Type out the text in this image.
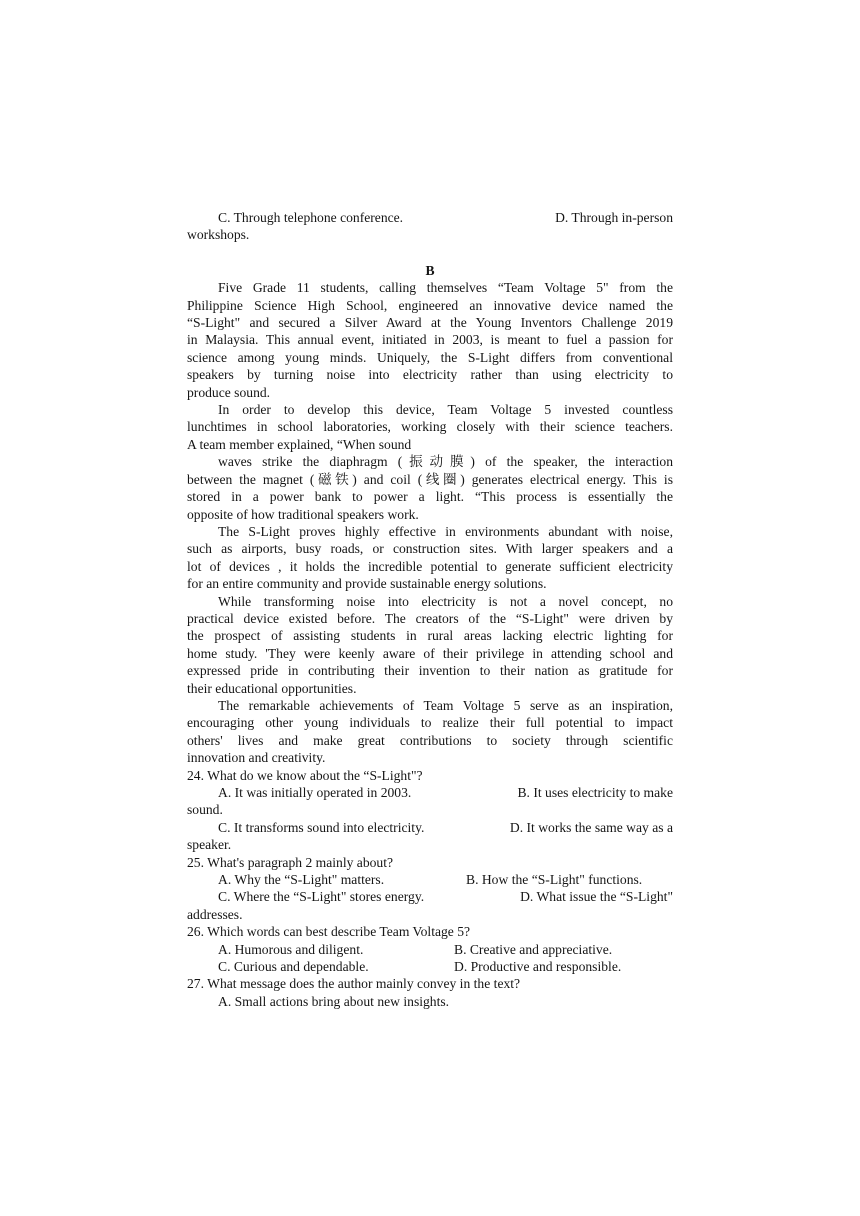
C. Through telephone conference.	D. Through in-person
workshops.
B
Five Grade 11 students, calling themselves “Team Voltage 5" from the
Philippine Science High School, engineered an innovative device named the
“S-Light" and secured a Silver Award at the Young Inventors Challenge 2019
in Malaysia. This annual event, initiated in 2003, is meant to fuel a passion for
science among young minds. Uniquely, the S-Light differs from conventional
speakers by turning noise into electricity rather than using electricity to
produce sound.
In order to develop this device, Team Voltage 5 invested countless
lunchtimes in school laboratories, working closely with their science teachers.
A team member explained, “When sound
waves strike the diaphragm (振动膜) of the speaker, the interaction
between the magnet (磁铁) and coil (线圈) generates electrical energy. This is
stored in a power bank to power a light. “This process is essentially the
opposite of how traditional speakers work.
The S-Light proves highly effective in environments abundant with noise,
such as airports, busy roads, or construction sites. With larger speakers and a
lot of devices , it holds the incredible potential to generate sufficient electricity
for an entire community and provide sustainable energy solutions.
While transforming noise into electricity is not a novel concept, no
practical device existed before. The creators of the “S-Light" were driven by
the prospect of assisting students in rural areas lacking electric lighting for
home study. 'They were keenly aware of their privilege in attending school and
expressed pride in contributing their invention to their nation as gratitude for
their educational opportunities.
The remarkable achievements of Team Voltage 5 serve as an inspiration,
encouraging other young individuals to realize their full potential to impact
others' lives and make great contributions to society through scientific
innovation and creativity.
24. What do we know about the “S-Light"?
A. It was initially operated in 2003.	B. It uses electricity to make
sound.
C. It transforms sound into electricity.	D. It works the same way as a
speaker.
25. What's paragraph 2 mainly about?
A. Why the “S-Light" matters.	B. How the “S-Light" functions.
C. Where the “S-Light" stores energy.	D. What issue the “S-Light"
addresses.
26. Which words can best describe Team Voltage 5?
A. Humorous and diligent.	B. Creative and appreciative.
C. Curious and dependable.	D. Productive and responsible.
27. What message does the author mainly convey in the text?
A. Small actions bring about new insights.
